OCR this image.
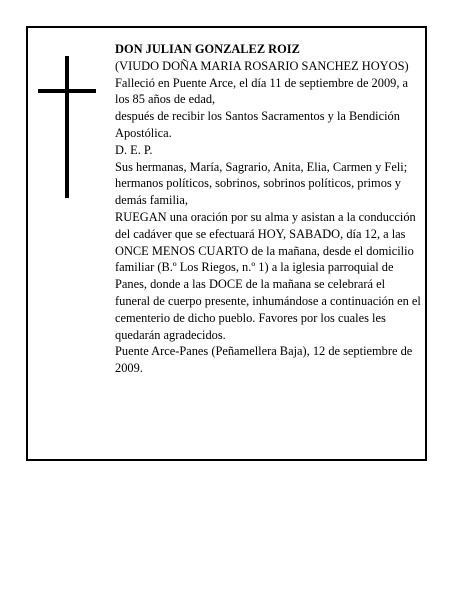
DON JULIAN GONZALEZ ROIZ

(VIUDO DOÑA MARIA ROSARIO SANCHEZ HOYOS)

Falleció en Puente Arce, el día 11 de septiembre de 2009, a los 85 años de edad,

después de recibir los Santos Sacramentos y la Bendición Apostólica.

D. E. P.

Sus hermanas, María, Sagrario, Anita, Elia, Carmen y Feli; hermanos políticos, sobrinos, sobrinos políticos, primos y demás familia,

RUEGAN una oración por su alma y asistan a la conducción del cadáver que se efectuará HOY, SABADO, día 12, a las ONCE MENOS CUARTO de la mañana, desde el domicilio familiar (B.º Los Riegos, n.º 1) a la iglesia parroquial de Panes, donde a las DOCE de la mañana se celebrará el funeral de cuerpo presente, inhumándose a continuación en el cementerio de dicho pueblo. Favores por los cuales les quedarán agradecidos.

Puente Arce-Panes (Peñamellera Baja), 12 de septiembre de 2009.
